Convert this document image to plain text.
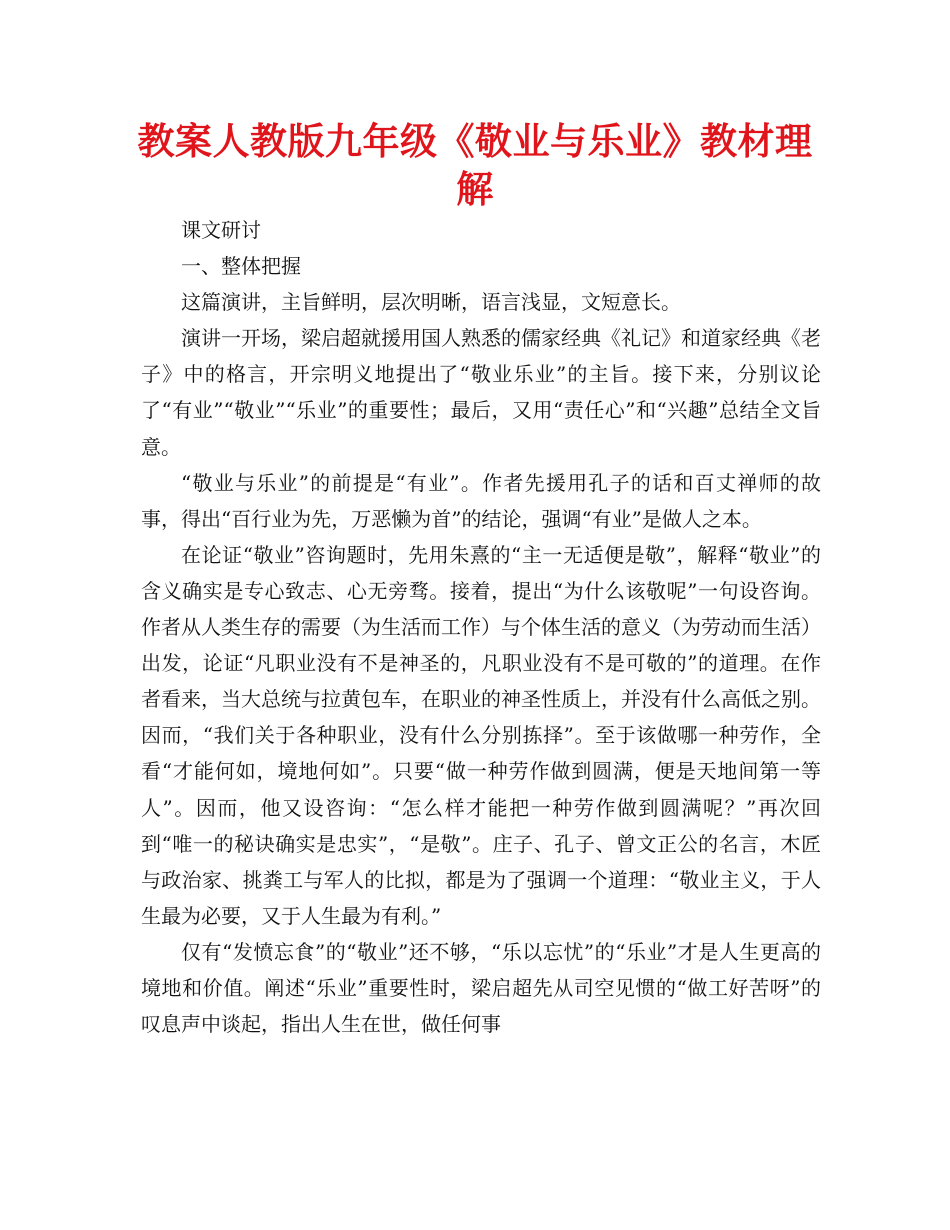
教案人教版九年级《敬业与乐业》教材理解

课文研讨

一、整体把握

这篇演讲，主旨鲜明，层次明晰，语言浅显，文短意长。

演讲一开场，梁启超就援用国人熟悉的儒家经典《礼记》和道家经典《老子》中的格言，开宗明义地提出了“敬业乐业”的主旨。接下来，分别议论了“有业”“敬业”“乐业”的重要性；最后，又用“责任心”和“兴趣”总结全文旨意。

“敬业与乐业”的前提是“有业”。作者先援用孔子的话和百丈禅师的故事，得出“百行业为先，万恶懒为首”的结论，强调“有业”是做人之本。

在论证“敬业”咨询题时，先用朱熹的“主一无适便是敬”，解释“敬业”的含义确实是专心致志、心无旁骛。接着，提出“为什么该敬呢”一句设咨询。作者从人类生存的需要（为生活而工作）与个体生活的意义（为劳动而生活）出发，论证“凡职业没有不是神圣的，凡职业没有不是可敬的”的道理。在作者看来，当大总统与拉黄包车，在职业的神圣性质上，并没有什么高低之别。因而，“我们关于各种职业，没有什么分别拣择”。至于该做哪一种劳作，全看“才能何如，境地何如”。只要“做一种劳作做到圆满，便是天地间第一等人”。因而，他又设咨询：“怎么样才能把一种劳作做到圆满呢？”再次回到“唯一的秘诀确实是忠实”，“是敬”。庄子、孔子、曾文正公的名言，木匠与政治家、挑粪工与军人的比拟，都是为了强调一个道理：“敬业主义，于人生最为必要，又于人生最为有利。”

仅有“发愤忘食”的“敬业”还不够，“乐以忘忧”的“乐业”才是人生更高的境地和价值。阐述“乐业”重要性时，梁启超先从司空见惯的“做工好苦呀”的叹息声中谈起，指出人生在世，做任何事
